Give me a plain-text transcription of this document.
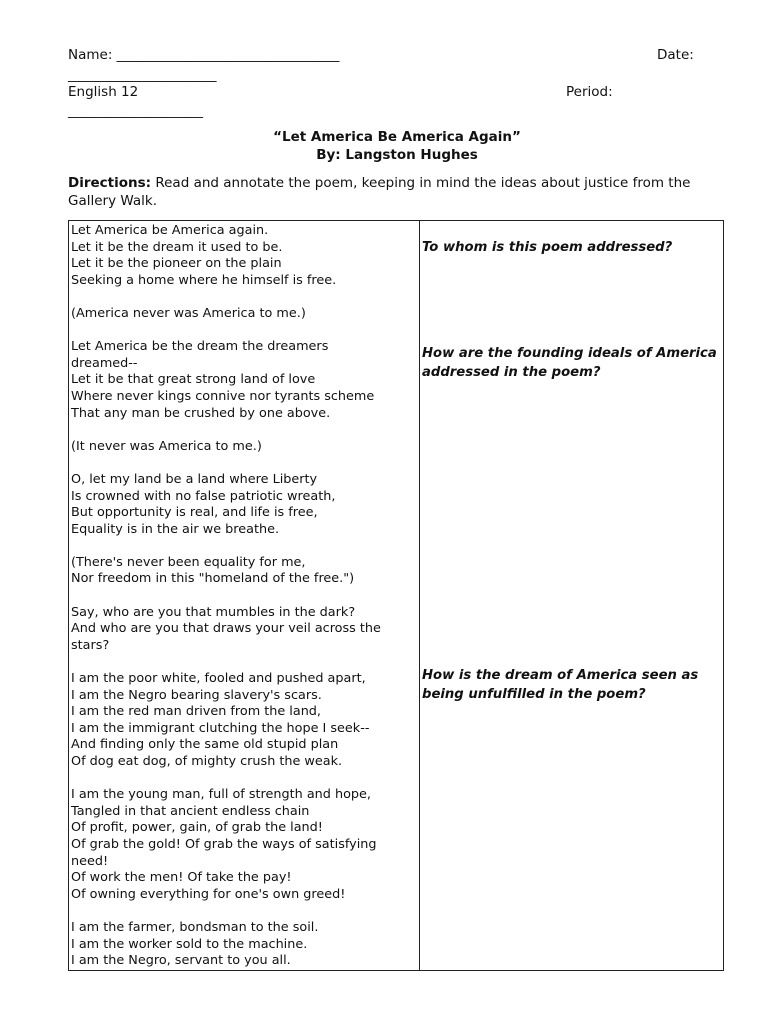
Name: _________________________________	Date:
______________________
English 12	Period:
____________________
“Let America Be America Again”
By: Langston Hughes
Directions: Read and annotate the poem, keeping in mind the ideas about justice from the Gallery Walk.
Let America be America again.
Let it be the dream it used to be.
Let it be the pioneer on the plain
Seeking a home where he himself is free.
(America never was America to me.)
Let America be the dream the dreamers
dreamed--
Let it be that great strong land of love
Where never kings connive nor tyrants scheme
That any man be crushed by one above.
(It never was America to me.)
O, let my land be a land where Liberty
Is crowned with no false patriotic wreath,
But opportunity is real, and life is free,
Equality is in the air we breathe.
(There's never been equality for me,
Nor freedom in this "homeland of the free.")
Say, who are you that mumbles in the dark?
And who are you that draws your veil across the
stars?
I am the poor white, fooled and pushed apart,
I am the Negro bearing slavery's scars.
I am the red man driven from the land,
I am the immigrant clutching the hope I seek--
And finding only the same old stupid plan
Of dog eat dog, of mighty crush the weak.
I am the young man, full of strength and hope,
Tangled in that ancient endless chain
Of profit, power, gain, of grab the land!
Of grab the gold! Of grab the ways of satisfying
need!
Of work the men! Of take the pay!
Of owning everything for one's own greed!
I am the farmer, bondsman to the soil.
I am the worker sold to the machine.
I am the Negro, servant to you all.
To whom is this poem addressed?
How are the founding ideals of America addressed in the poem?
How is the dream of America seen as being unfulfilled in the poem?
